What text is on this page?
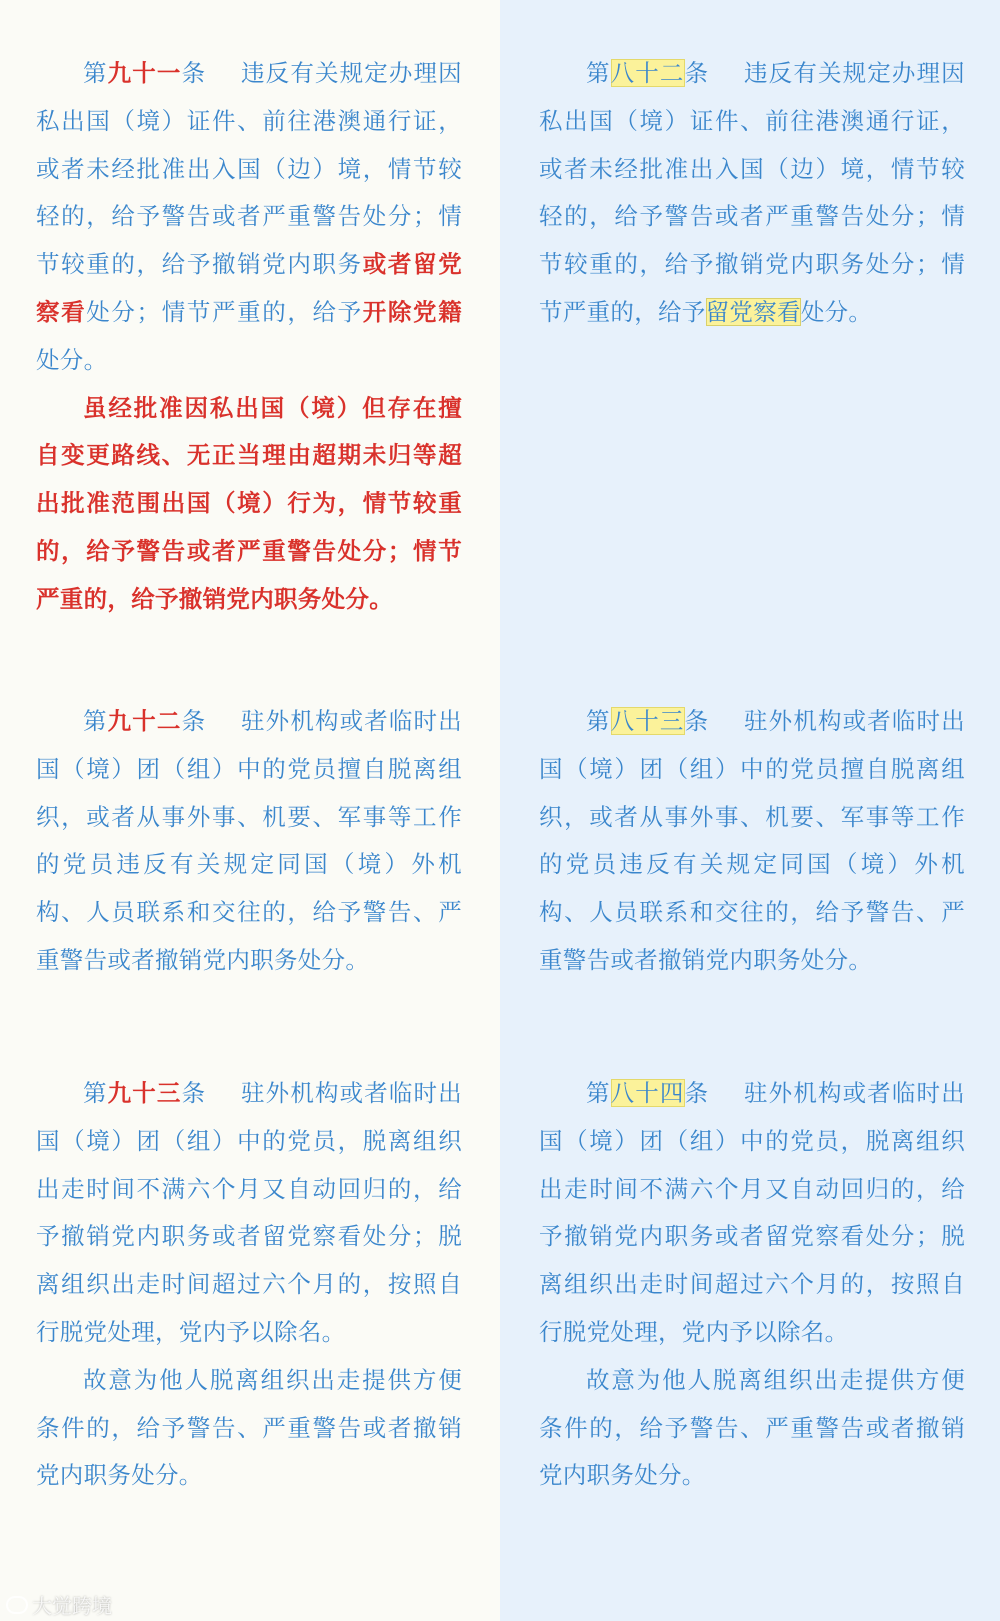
第九十一条 违反有关规定办理因私出国（境）证件、前往港澳通行证，或者未经批准出入国（边）境，情节较轻的，给予警告或者严重警告处分；情节较重的，给予撤销党内职务或者留党察看处分；情节严重的，给予开除党籍处分。

虽经批准因私出国（境）但存在擅自变更路线、无正当理由超期未归等超出批准范围出国（境）行为，情节较重的，给予警告或者严重警告处分；情节严重的，给予撤销党内职务处分。

第九十二条 驻外机构或者临时出国（境）团（组）中的党员擅自脱离组织，或者从事外事、机要、军事等工作的党员违反有关规定同国（境）外机构、人员联系和交往的，给予警告、严重警告或者撤销党内职务处分。

第九十三条 驻外机构或者临时出国（境）团（组）中的党员，脱离组织出走时间不满六个月又自动回归的，给予撤销党内职务或者留党察看处分；脱离组织出走时间超过六个月的，按照自行脱党处理，党内予以除名。

故意为他人脱离组织出走提供方便条件的，给予警告、严重警告或者撤销党内职务处分。

大觉跨境

第八十二条 违反有关规定办理因私出国（境）证件、前往港澳通行证，或者未经批准出入国（边）境，情节较轻的，给予警告或者严重警告处分；情节较重的，给予撤销党内职务处分；情节严重的，给予留党察看处分。

第八十三条 驻外机构或者临时出国（境）团（组）中的党员擅自脱离组织，或者从事外事、机要、军事等工作的党员违反有关规定同国（境）外机构、人员联系和交往的，给予警告、严重警告或者撤销党内职务处分。

第八十四条 驻外机构或者临时出国（境）团（组）中的党员，脱离组织出走时间不满六个月又自动回归的，给予撤销党内职务或者留党察看处分；脱离组织出走时间超过六个月的，按照自行脱党处理，党内予以除名。

故意为他人脱离组织出走提供方便条件的，给予警告、严重警告或者撤销党内职务处分。
